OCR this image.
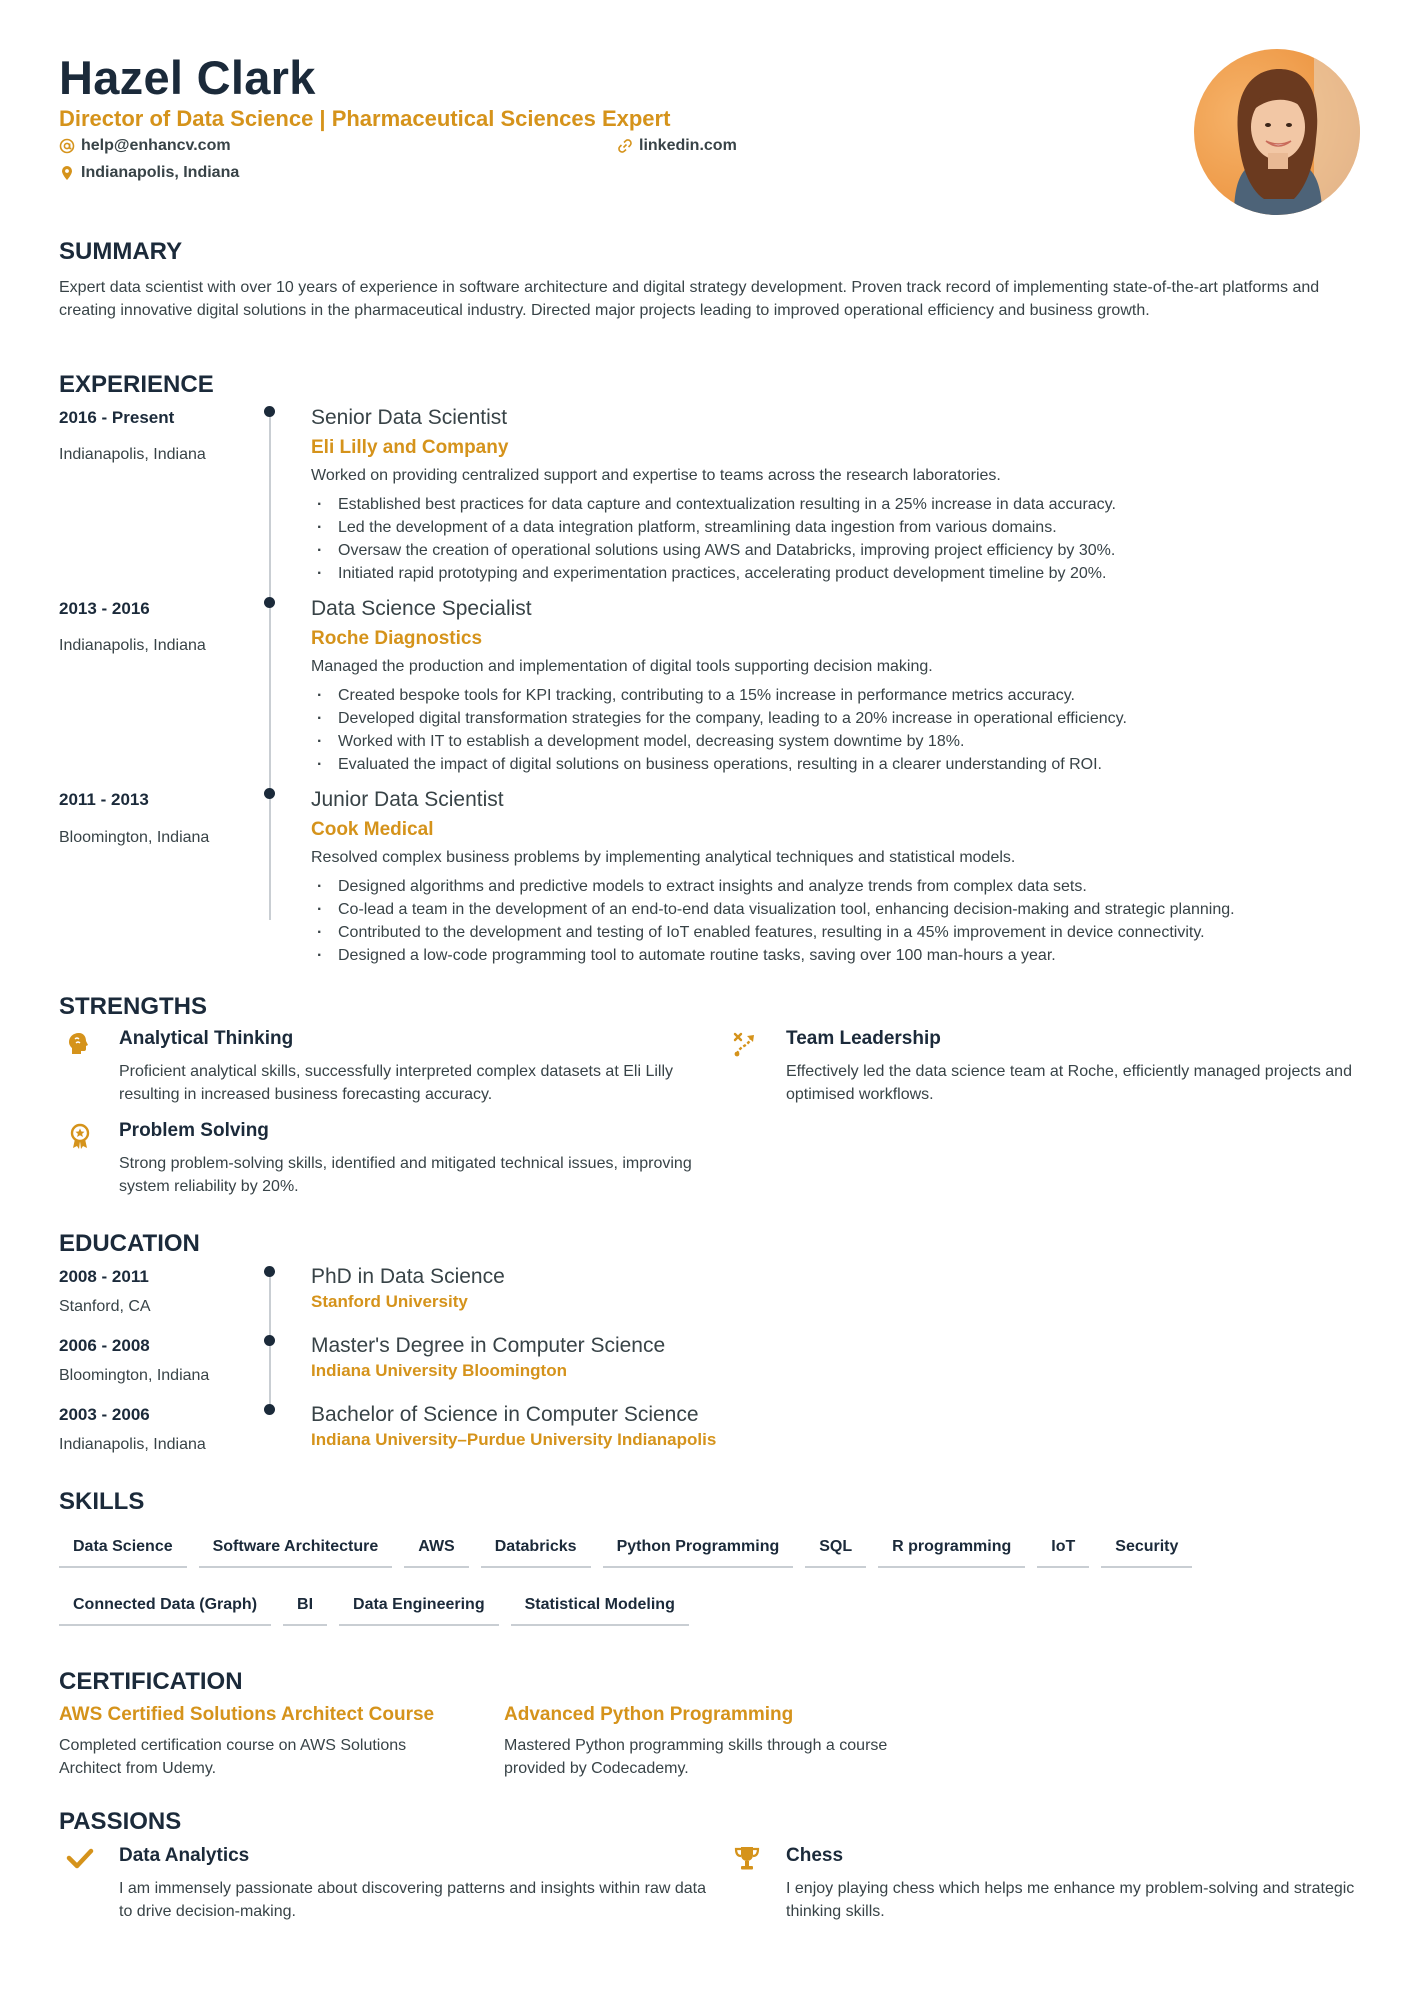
Hazel Clark
Director of Data Science | Pharmaceutical Sciences Expert
help@enhancv.com	linkedin.com
Indianapolis, Indiana
SUMMARY
Expert data scientist with over 10 years of experience in software architecture and digital strategy development. Proven track record of implementing state-of-the-art platforms and creating innovative digital solutions in the pharmaceutical industry. Directed major projects leading to improved operational efficiency and business growth.
EXPERIENCE
2016 - Present
Indianapolis, Indiana
Senior Data Scientist
Eli Lilly and Company
Worked on providing centralized support and expertise to teams across the research laboratories.
· Established best practices for data capture and contextualization resulting in a 25% increase in data accuracy.
· Led the development of a data integration platform, streamlining data ingestion from various domains.
· Oversaw the creation of operational solutions using AWS and Databricks, improving project efficiency by 30%.
· Initiated rapid prototyping and experimentation practices, accelerating product development timeline by 20%.
2013 - 2016
Indianapolis, Indiana
Data Science Specialist
Roche Diagnostics
Managed the production and implementation of digital tools supporting decision making.
· Created bespoke tools for KPI tracking, contributing to a 15% increase in performance metrics accuracy.
· Developed digital transformation strategies for the company, leading to a 20% increase in operational efficiency.
· Worked with IT to establish a development model, decreasing system downtime by 18%.
· Evaluated the impact of digital solutions on business operations, resulting in a clearer understanding of ROI.
2011 - 2013
Bloomington, Indiana
Junior Data Scientist
Cook Medical
Resolved complex business problems by implementing analytical techniques and statistical models.
· Designed algorithms and predictive models to extract insights and analyze trends from complex data sets.
· Co-lead a team in the development of an end-to-end data visualization tool, enhancing decision-making and strategic planning.
· Contributed to the development and testing of IoT enabled features, resulting in a 45% improvement in device connectivity.
· Designed a low-code programming tool to automate routine tasks, saving over 100 man-hours a year.
STRENGTHS
Analytical Thinking
Proficient analytical skills, successfully interpreted complex datasets at Eli Lilly resulting in increased business forecasting accuracy.
Team Leadership
Effectively led the data science team at Roche, efficiently managed projects and optimised workflows.
Problem Solving
Strong problem-solving skills, identified and mitigated technical issues, improving system reliability by 20%.
EDUCATION
2008 - 2011
Stanford, CA
PhD in Data Science
Stanford University
2006 - 2008
Bloomington, Indiana
Master's Degree in Computer Science
Indiana University Bloomington
2003 - 2006
Indianapolis, Indiana
Bachelor of Science in Computer Science
Indiana University–Purdue University Indianapolis
SKILLS
Data Science	Software Architecture	AWS	Databricks	Python Programming	SQL	R programming	IoT	Security
Connected Data (Graph)	BI	Data Engineering	Statistical Modeling
CERTIFICATION
AWS Certified Solutions Architect Course
Completed certification course on AWS Solutions Architect from Udemy.
Advanced Python Programming
Mastered Python programming skills through a course provided by Codecademy.
PASSIONS
Data Analytics
I am immensely passionate about discovering patterns and insights within raw data to drive decision-making.
Chess
I enjoy playing chess which helps me enhance my problem-solving and strategic thinking skills.
